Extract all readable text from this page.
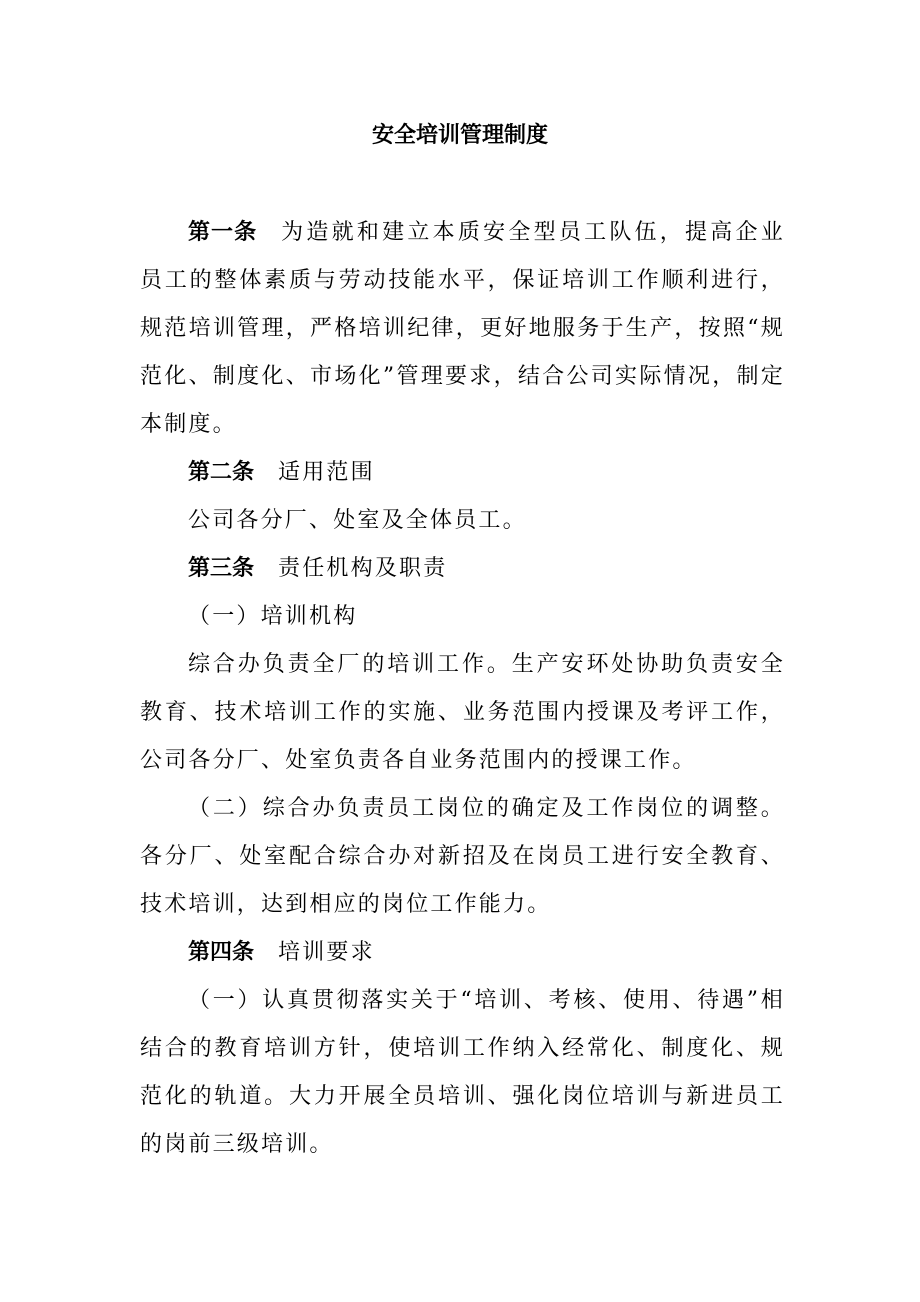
安全培训管理制度

第一条 为造就和建立本质安全型员工队伍，提高企业员工的整体素质与劳动技能水平，保证培训工作顺利进行，规范培训管理，严格培训纪律，更好地服务于生产，按照“规范化、制度化、市场化”管理要求，结合公司实际情况，制定本制度。

第二条 适用范围

公司各分厂、处室及全体员工。

第三条 责任机构及职责

（一）培训机构

综合办负责全厂的培训工作。生产安环处协助负责安全教育、技术培训工作的实施、业务范围内授课及考评工作，公司各分厂、处室负责各自业务范围内的授课工作。

（二）综合办负责员工岗位的确定及工作岗位的调整。各分厂、处室配合综合办对新招及在岗员工进行安全教育、技术培训，达到相应的岗位工作能力。

第四条 培训要求

（一）认真贯彻落实关于“培训、考核、使用、待遇”相结合的教育培训方针，使培训工作纳入经常化、制度化、规范化的轨道。大力开展全员培训、强化岗位培训与新进员工的岗前三级培训。
